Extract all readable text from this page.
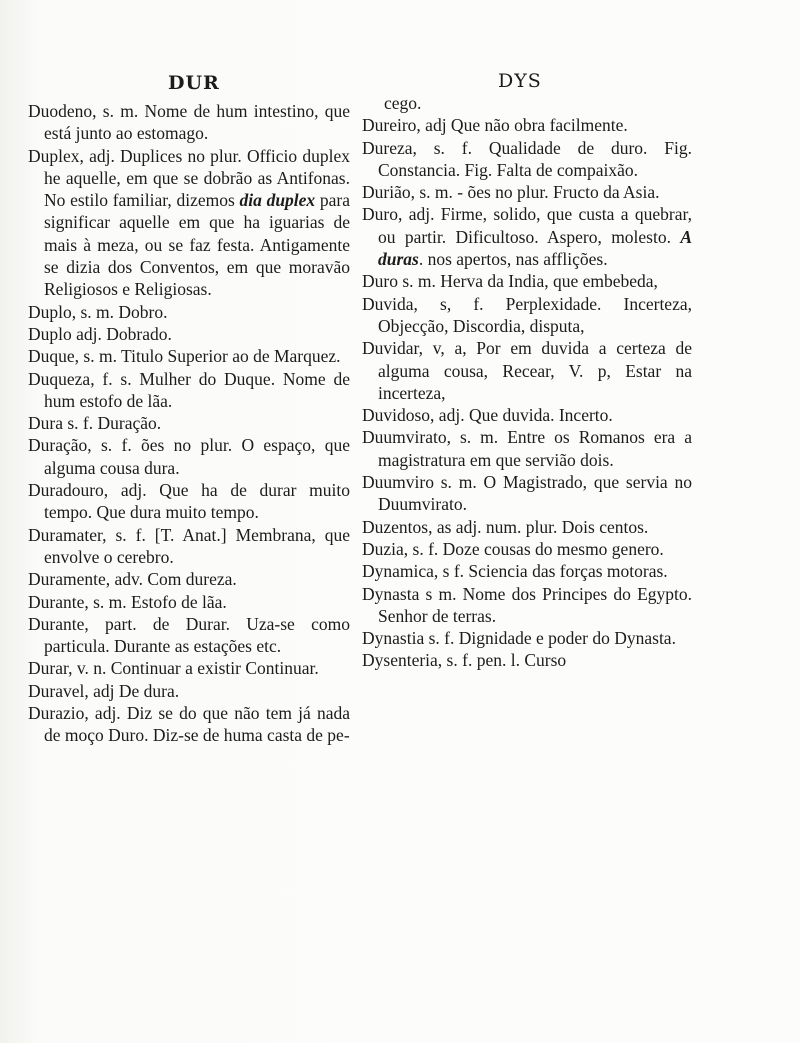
DUR	DYS

Duodeno, s. m. Nome de hum intestino, que está junto ao estomago.

Duplex, adj. Duplices no plur. Officio duplex he aquelle, em que se dobrão as Antifonas. No estilo familiar, dizemos dia duplex para significar aquelle em que ha iguarias de mais à meza, ou se faz festa. Antigamente se dizia dos Conventos, em que moravão Religiosos e Religiosas.

Duplo, s. m. Dobro.

Duplo adj. Dobrado.

Duque, s. m. Titulo Superior ao de Marquez.

Duqueza, f. s. Mulher do Duque. Nome de hum estofo de lãa.

Dura s. f. Duração.

Duração, s. f. ões no plur. O espaço, que alguma cousa dura.

Duradouro, adj. Que ha de durar muito tempo. Que dura muito tempo.

Duramater, s. f. [T. Anat.] Membrana, que envolve o cerebro.

Duramente, adv. Com dureza.

Durante, s. m. Estofo de lãa.

Durante, part. de Durar. Uza-se como particula. Durante as estações etc.

Durar, v. n. Continuar a existir Continuar.

Duravel, adj De dura.

Durazio, adj. Diz se do que não tem já nada de moço Duro. Diz-se de huma casta de pe-

cego.

Dureiro, adj Que não obra facilmente.

Dureza, s. f. Qualidade de duro. Fig. Constancia. Fig. Falta de compaixão.

Durião, s. m. - ões no plur. Fructo da Asia.

Duro, adj. Firme, solido, que custa a quebrar, ou partir. Dificultoso. Aspero, molesto. A duras. nos apertos, nas afflições.

Duro s. m. Herva da India, que embebeda,

Duvida, s, f. Perplexidade. Incerteza, Objecção, Discordia, disputa,

Duvidar, v, a, Por em duvida a certeza de alguma cousa, Recear, V. p, Estar na incerteza,

Duvidoso, adj. Que duvida. Incerto.

Duumvirato, s. m. Entre os Romanos era a magistratura em que servião dois.

Duumviro s. m. O Magistrado, que servia no Duumvirato.

Duzentos, as adj. num. plur. Dois centos.

Duzia, s. f. Doze cousas do mesmo genero.

Dynamica, s f. Sciencia das forças motoras.

Dynasta s m. Nome dos Principes do Egypto. Senhor de terras.

Dynastia s. f. Dignidade e poder do Dynasta.

Dysenteria, s. f. pen. l. Curso
